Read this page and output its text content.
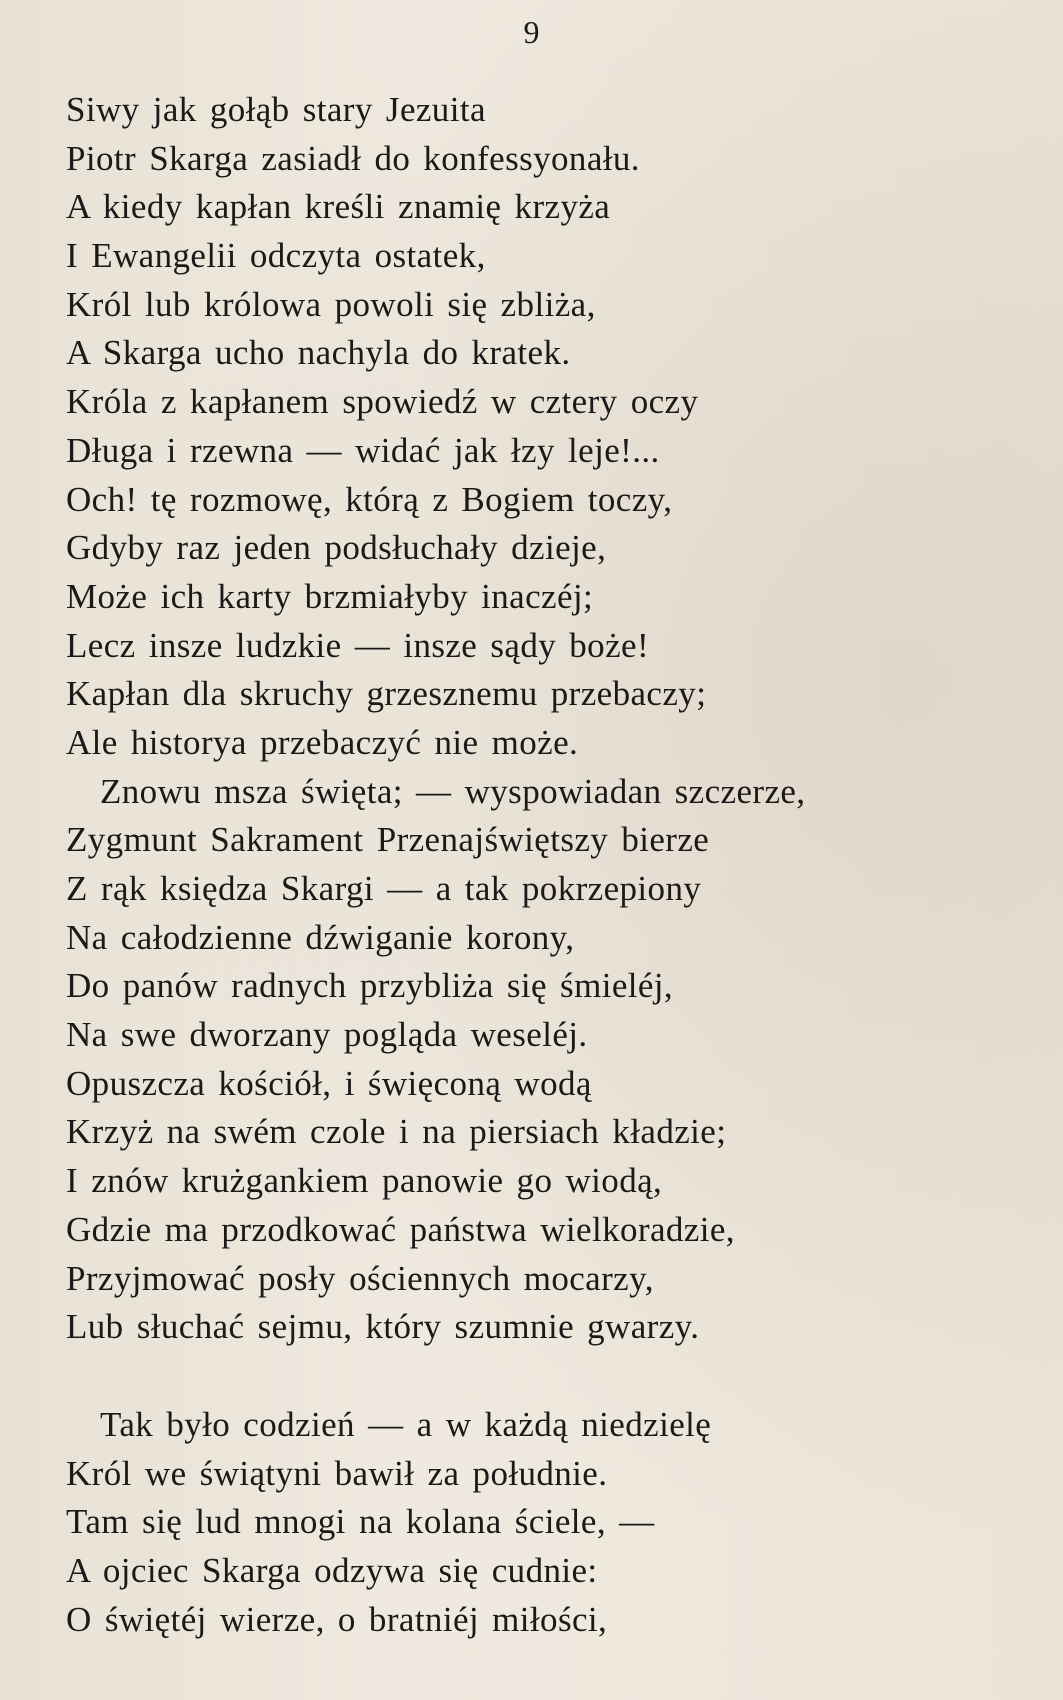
9
Siwy jak gołąb stary Jezuita
Piotr Skarga zasiadł do konfessyonału.
A kiedy kapłan kreśli znamię krzyża
I Ewangelii odczyta ostatek,
Król lub królowa powoli się zbliża,
A Skarga ucho nachyla do kratek.
Króla z kapłanem spowiedź w cztery oczy
Długa i rzewna — widać jak łzy leje!...
Och! tę rozmowę, którą z Bogiem toczy,
Gdyby raz jeden podsłuchały dzieje,
Może ich karty brzmiałyby inaczéj;
Lecz insze ludzkie — insze sądy boże!
Kapłan dla skruchy grzesznemu przebaczy;
Ale historya przebaczyć nie może.
Znowu msza święta; — wyspowiadan szczerze,
Zygmunt Sakrament Przenajświętszy bierze
Z rąk księdza Skargi — a tak pokrzepiony
Na całodzienne dźwiganie korony,
Do panów radnych przybliża się śmieléj,
Na swe dworzany pogląda weseléj.
Opuszcza kościół, i święconą wodą
Krzyż na swém czole i na piersiach kładzie;
I znów krużgankiem panowie go wiodą,
Gdzie ma przodkować państwa wielkoradzie,
Przyjmować posły ościennych mocarzy,
Lub słuchać sejmu, który szumnie gwarzy.
Tak było codzień — a w każdą niedzielę
Król we świątyni bawił za południe.
Tam się lud mnogi na kolana ściele, —
A ojciec Skarga odzywa się cudnie:
O świętéj wierze, o bratniéj miłości,
